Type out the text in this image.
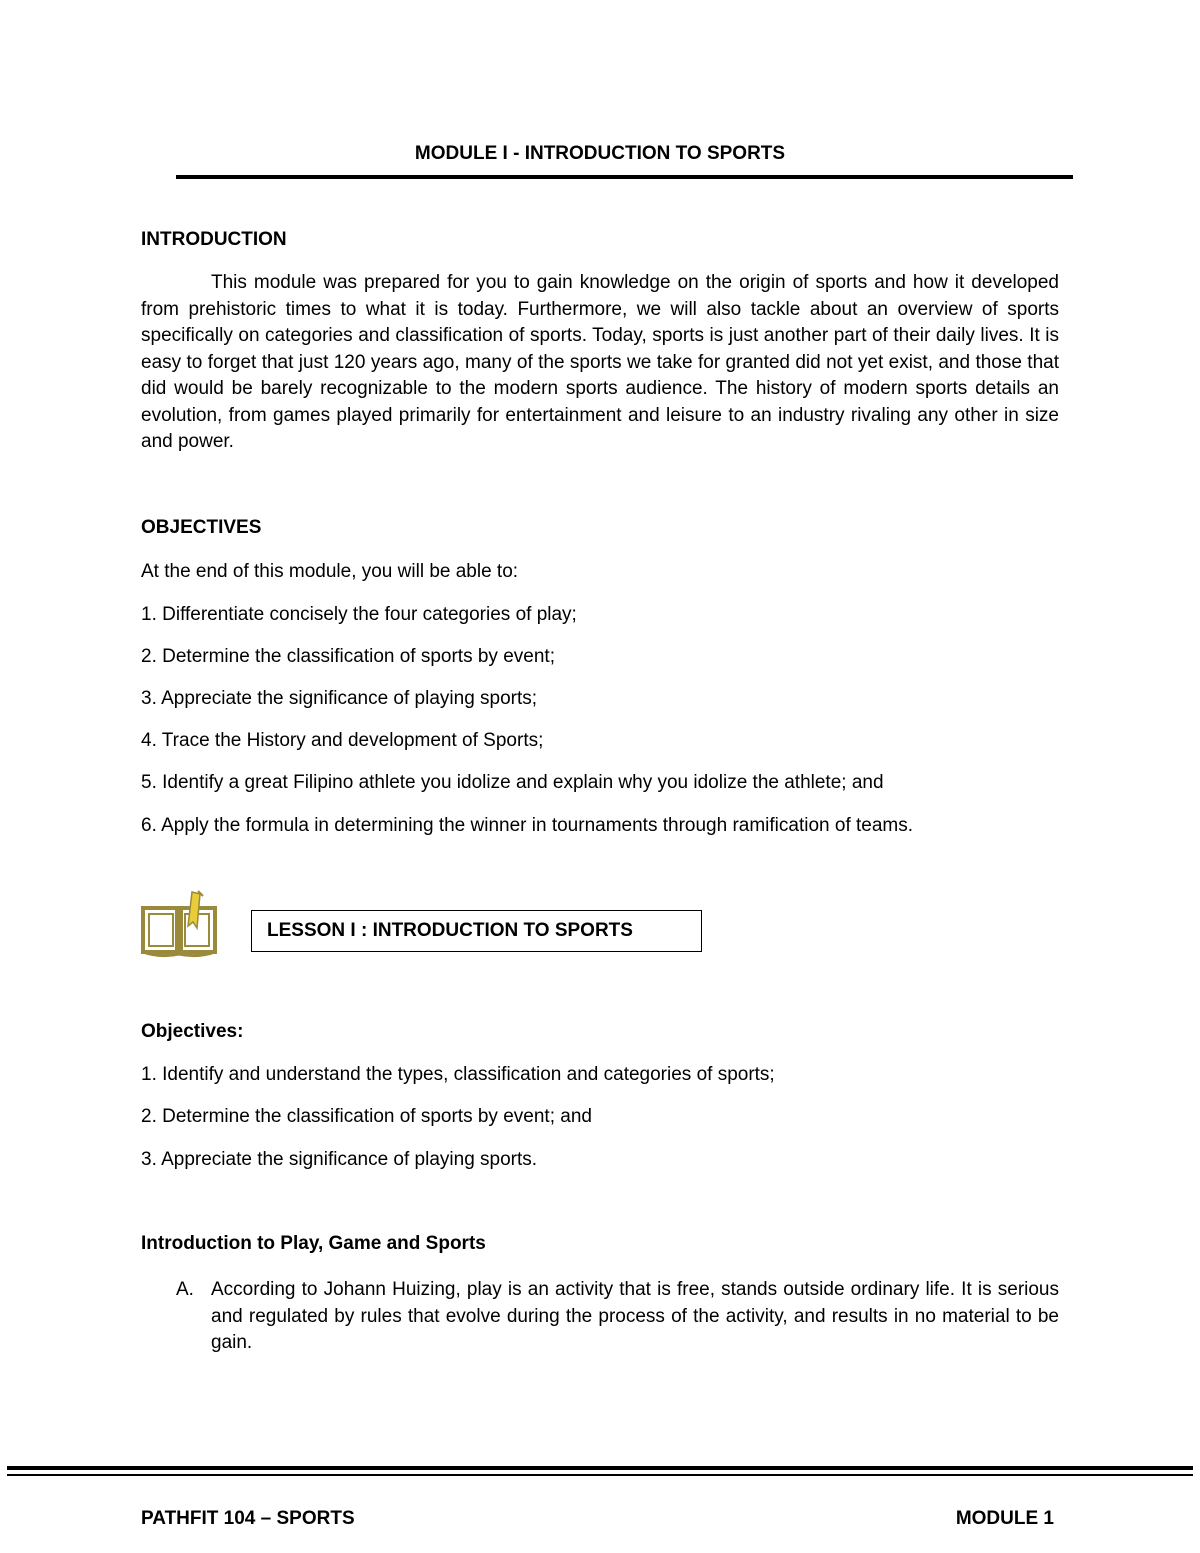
MODULE I - INTRODUCTION TO SPORTS
INTRODUCTION

This module was prepared for you to gain knowledge on the origin of sports and how it developed from prehistoric times to what it is today. Furthermore, we will also tackle about an overview of sports specifically on categories and classification of sports. Today, sports is just another part of their daily lives. It is easy to forget that just 120 years ago, many of the sports we take for granted did not yet exist, and those that did would be barely recognizable to the modern sports audience. The history of modern sports details an evolution, from games played primarily for entertainment and leisure to an industry rivaling any other in size and power.

OBJECTIVES
At the end of this module, you will be able to:
1. Differentiate concisely the four categories of play;
2. Determine the classification of sports by event;
3. Appreciate the significance of playing sports;
4. Trace the History and development of Sports;
5. Identify a great Filipino athlete you idolize and explain why you idolize the athlete; and
6. Apply the formula in determining the winner in tournaments through ramification of teams.
LESSON I : INTRODUCTION TO SPORTS
Objectives:
1. Identify and understand the types, classification and categories of sports;
2. Determine the classification of sports by event; and
3. Appreciate the significance of playing sports.
Introduction to Play, Game and Sports
A. According to Johann Huizing, play is an activity that is free, stands outside ordinary life. It is serious and regulated by rules that evolve during the process of the activity, and results in no material to be gain.

PATHFIT 104 – SPORTS	MODULE 1
